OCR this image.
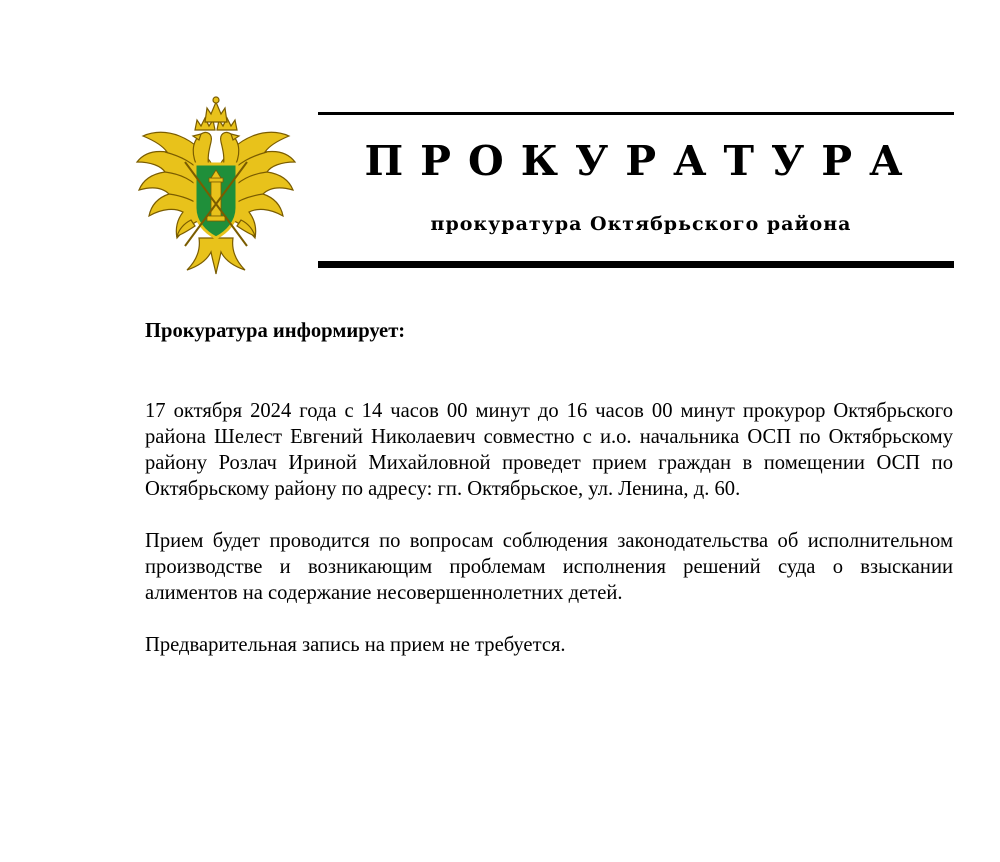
ПРОКУРАТУРА
прокуратура Октябрьского района

Прокуратура информирует:

17 октября 2024 года с 14 часов 00 минут до 16 часов 00 минут прокурор Октябрьского района Шелест Евгений Николаевич совместно с и.о. начальника ОСП по Октябрьскому району Розлач Ириной Михайловной проведет прием граждан в помещении ОСП по Октябрьскому району по адресу: гп. Октябрьское, ул. Ленина, д. 60.

Прием будет проводится по вопросам соблюдения законодательства об исполнительном производстве и возникающим проблемам исполнения решений суда о взыскании алиментов на содержание несовершеннолетних детей.

Предварительная запись на прием не требуется.
